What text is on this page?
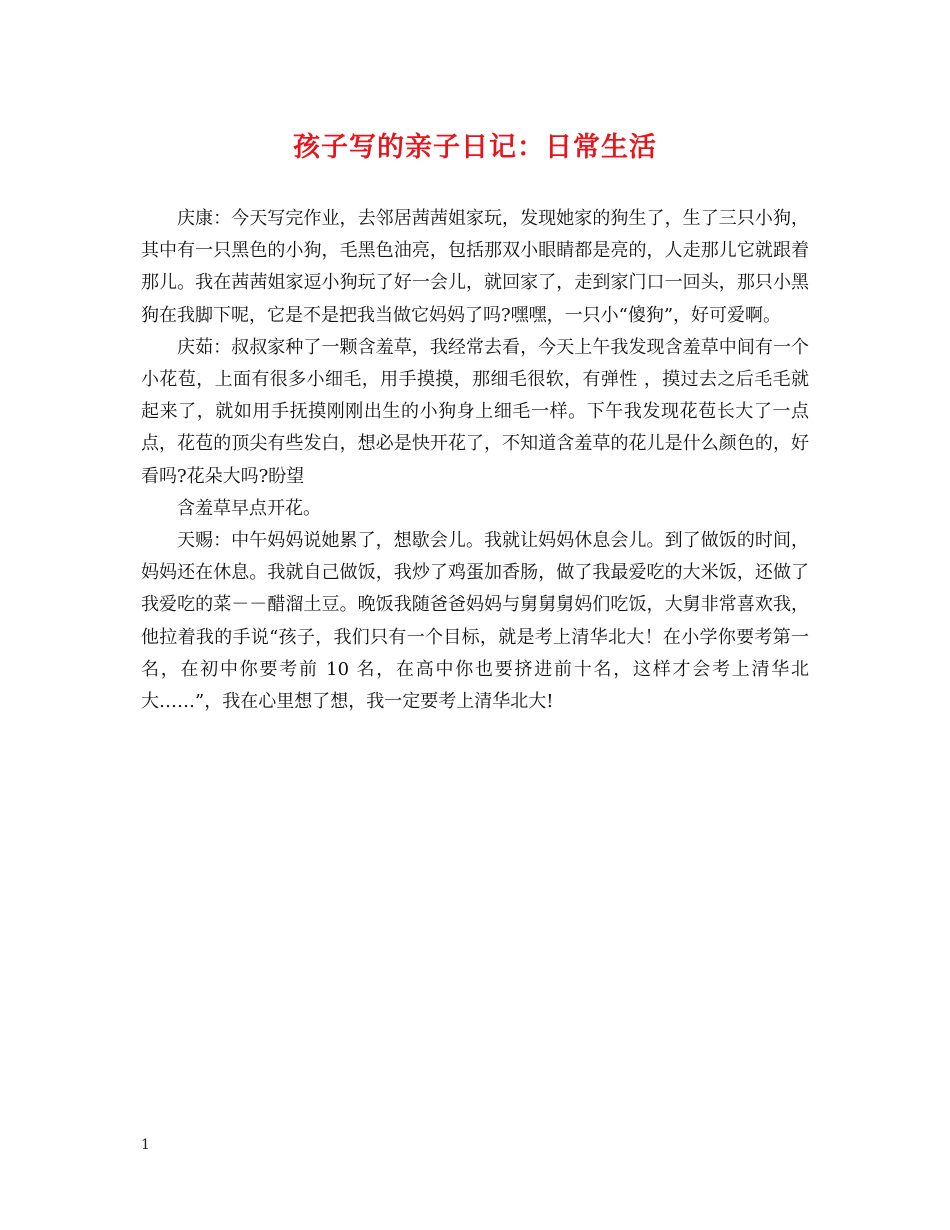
孩子写的亲子日记：日常生活

庆康：今天写完作业，去邻居茜茜姐家玩，发现她家的狗生了，生了三只小狗，其中有一只黑色的小狗，毛黑色油亮，包括那双小眼睛都是亮的，人走那儿它就跟着那儿。我在茜茜姐家逗小狗玩了好一会儿，就回家了，走到家门口一回头，那只小黑狗在我脚下呢，它是不是把我当做它妈妈了吗?嘿嘿，一只小“傻狗”，好可爱啊。

庆茹：叔叔家种了一颗含羞草，我经常去看，今天上午我发现含羞草中间有一个小花苞，上面有很多小细毛，用手摸摸，那细毛很软，有弹性 ，摸过去之后毛毛就起来了，就如用手抚摸刚刚出生的小狗身上细毛一样。下午我发现花苞长大了一点点，花苞的顶尖有些发白，想必是快开花了，不知道含羞草的花儿是什么颜色的，好看吗?花朵大吗?盼望

含羞草早点开花。

天赐：中午妈妈说她累了，想歇会儿。我就让妈妈休息会儿。到了做饭的时间，妈妈还在休息。我就自己做饭，我炒了鸡蛋加香肠，做了我最爱吃的大米饭，还做了我爱吃的菜－－醋溜土豆。晚饭我随爸爸妈妈与舅舅舅妈们吃饭，大舅非常喜欢我，他拉着我的手说“孩子，我们只有一个目标，就是考上清华北大！在小学你要考第一名，在初中你要考前 10 名，在高中你也要挤进前十名，这样才会考上清华北大……”，我在心里想了想，我一定要考上清华北大!

1
